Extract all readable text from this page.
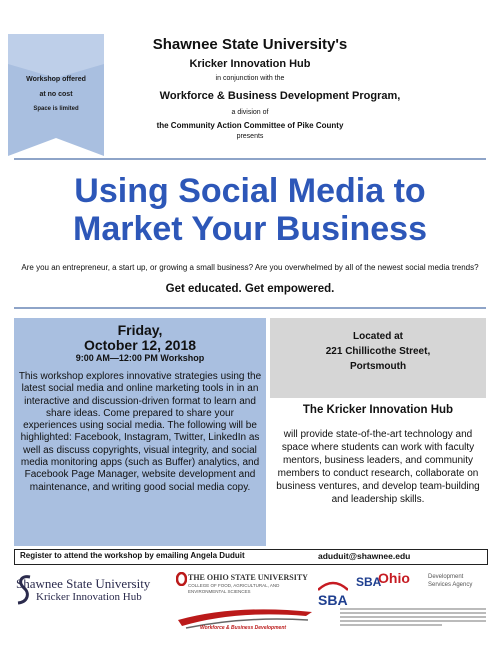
Workshop offered
at no cost
Space is limited
Shawnee State University's
Kricker Innovation Hub
in conjunction with the
Workforce & Business Development Program,
a division of
the Community Action Committee of Pike County
presents
Using Social Media to
Market Your Business
Are you an entrepreneur, a start up, or growing a small business? Are you overwhelmed by all of the newest social media trends?
Get educated. Get empowered.
Friday,
October 12, 2018
9:00 AM—12:00 PM Workshop
This workshop explores innovative strategies using the latest social media and online marketing tools in in an interactive and discussion-driven format to learn and share ideas. Come prepared to share your experiences using social media. The following will be highlighted: Facebook, Instagram, Twitter, LinkedIn as well as discuss copyrights, visual integrity, and social media monitoring apps (such as Buffer) analytics, and Facebook Page Manager, website development and maintenance, and writing good social media copy.
Located at
221 Chillicothe Street,
Portsmouth
The Kricker Innovation Hub
will provide state-of-the-art technology and space where students can work with faculty mentors, business leaders, and community members to conduct research, collaborate on business ventures, and develop team-building and leadership skills.
Register to attend the workshop by emailing Angela Duduit	aduduit@shawnee.edu
Shawnee State University
Kricker Innovation Hub
THE OHIO STATE UNIVERSITY
COLLEGE OF FOOD, AGRICULTURAL, AND ENVIRONMENTAL SCIENCES
Workforce & Business Development
SBA
SBA
Ohio	Development Services Agency
